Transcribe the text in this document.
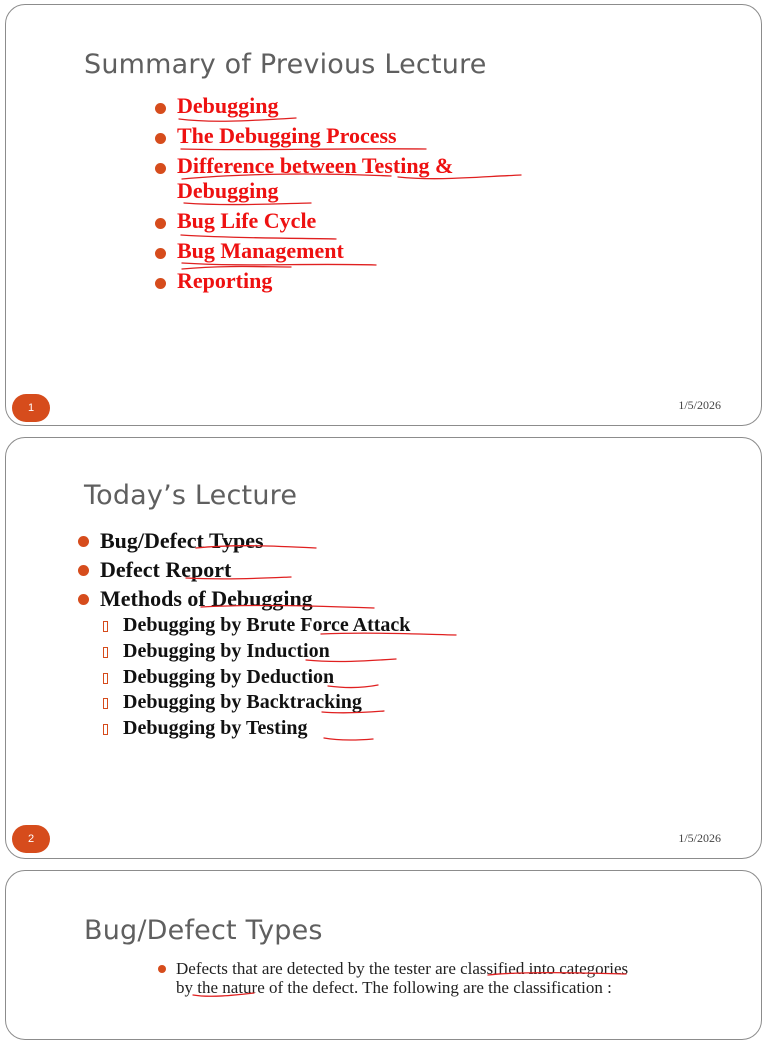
Summary of Previous Lecture
Debugging
The Debugging Process
Difference between Testing &
Debugging
Bug Life Cycle
Bug Management
Reporting
1	1/5/2026
Today’s Lecture
Bug/Defect Types
Defect Report
Methods of Debugging
Debugging by Brute Force Attack
Debugging by Induction
Debugging by Deduction
Debugging by Backtracking
Debugging by Testing
2	1/5/2026
Bug/Defect Types
Defects that are detected by the tester are classified into categories by the nature of the defect. The following are the classification :
